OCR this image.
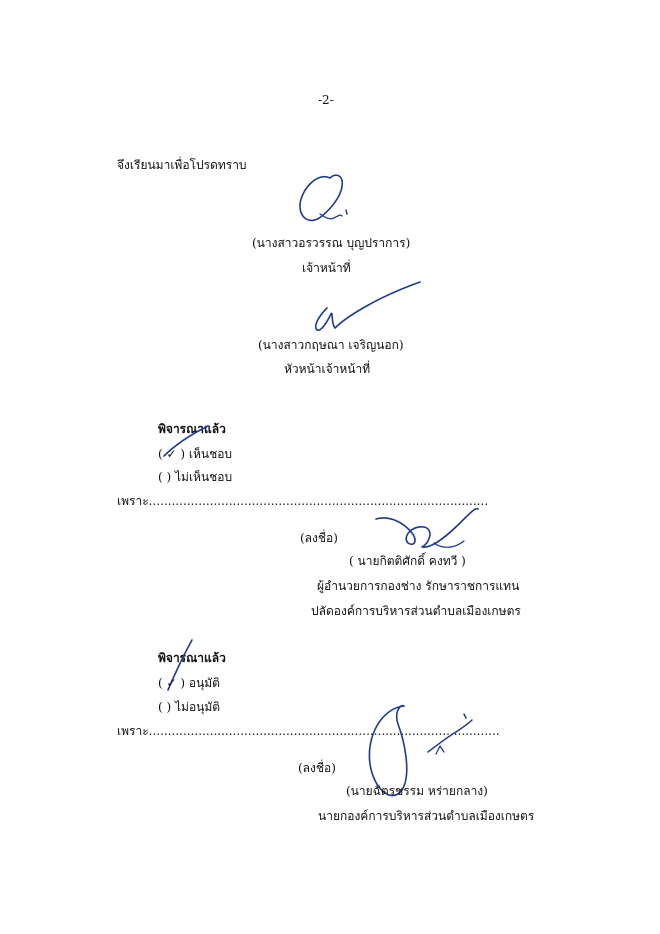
-2-
จึงเรียนมาเพื่อโปรดทราบ
(นางสาวอรวรรณ บุญปราการ)
เจ้าหน้าที่
(นางสาวกฤษณา เจริญนอก)
หัวหน้าเจ้าหน้าที่
พิจารณาแล้ว
( ✓ ) เห็นชอบ
( ) ไม่เห็นชอบ
เพราะ.........................................................................................
(ลงชื่อ)
( นายกิตติศักดิ์ คงทวี )
ผู้อำนวยการกองช่าง รักษาราชการแทน
ปลัดองค์การบริหารส่วนตำบลเมืองเกษตร
พิจารณาแล้ว
( ✓ ) อนุมัติ
( ) ไม่อนุมัติ
เพราะ............................................................................................
(ลงชื่อ)
(นายฉัตรชรรม หร่ายกลาง)
นายกองค์การบริหารส่วนตำบลเมืองเกษตร
